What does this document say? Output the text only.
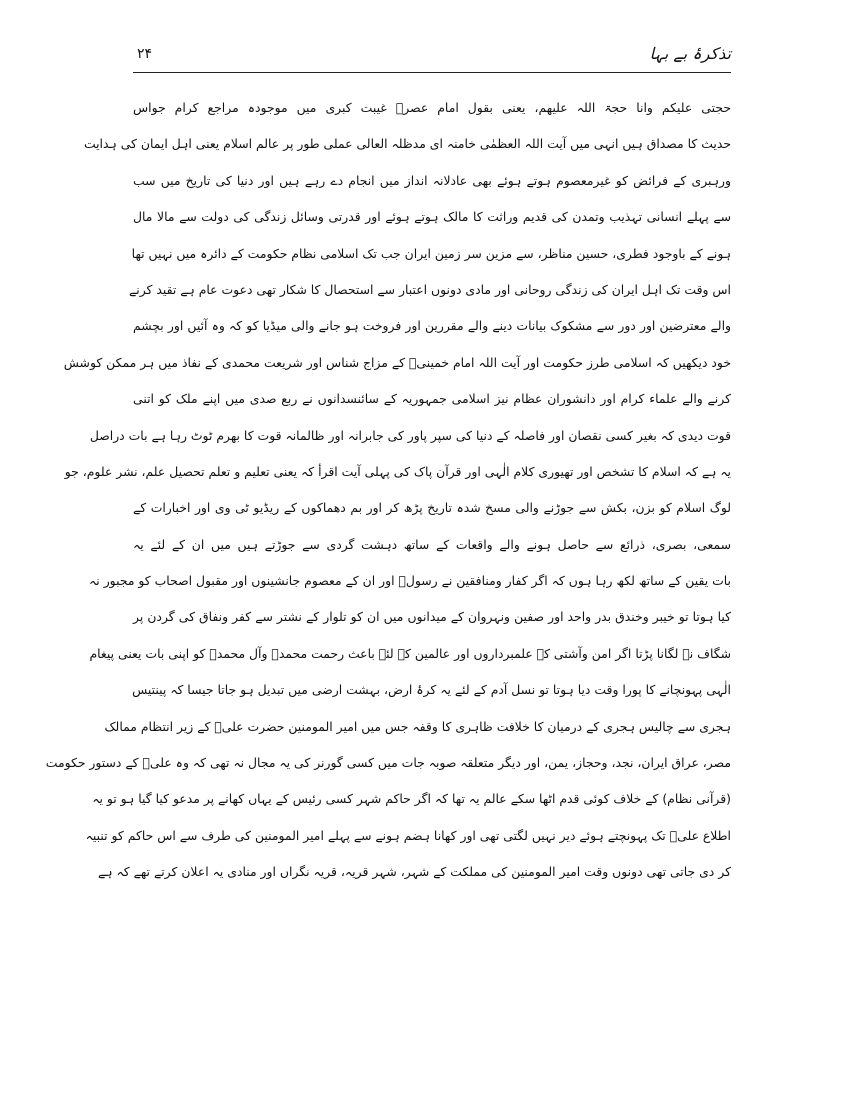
۲۴	تذکرۂ بے بہا
حجتی علیکم وانا حجۃ اللہ علیھم، یعنی بقول امام عصرؑ غیبت کبری میں موجودہ مراجع کرام جواس
حدیث کا مصداق ہیں انہی میں آیت اللہ العظمٰی خامنہ ای مدظلہ العالی عملی طور پر عالم اسلام یعنی اہل ایمان کی ہدایت
ورہبری کے فرائض کو غیرمعصوم ہوتے ہوئے بھی عادلانہ انداز میں انجام دے رہے ہیں اور دنیا کی تاریخ میں سب
سے پہلے انسانی تہذیب وتمدن کی قدیم وراثت کا مالک ہوتے ہوئے اور قدرتی وسائل زندگی کی دولت سے مالا مال
ہونے کے باوجود فطری، حسین مناظر، سے مزین سر زمین ایران جب تک اسلامی نظام حکومت کے دائرہ میں نہیں تھا
اس وقت تک اہل ایران کی زندگی روحانی اور مادی دونوں اعتبار سے استحصال کا شکار تھی دعوت عام ہے تقید کرنے
والے معترضین اور دور سے مشکوک بیانات دینے والے مقررین اور فروخت ہو جانے والی میڈیا کو کہ وہ آئیں اور بچشم
خود دیکھیں کہ اسلامی طرز حکومت اور آیت اللہ امام خمینیؒ کے مزاج شناس اور شریعت محمدی کے نفاذ میں ہر ممکن کوشش
کرنے والے علماء کرام اور دانشوران عظام نیز اسلامی جمہوریہ کے سائنسدانوں نے ربع صدی میں اپنے ملک کو اتنی
قوت دیدی کہ بغیر کسی نقصان اور فاصلہ کے دنیا کی سپر پاور کی جابرانہ اور ظالمانہ قوت کا بھرم ٹوٹ رہا ہے بات دراصل
یہ ہے کہ اسلام کا تشخص اور تھیوری کلام الٰہی اور قرآن پاک کی پہلی آیت اقرأ کہ یعنی تعلیم و تعلم تحصیل علم، نشر علوم، جو
لوگ اسلام کو بزن، بکش سے جوڑنے والی مسخ شدہ تاریخ پڑھ کر اور بم دھماکوں کے ریڈیو ٹی وی اور اخبارات کے
سمعی، بصری، ذرائع سے حاصل ہونے والے واقعات کے ساتھ دہشت گردی سے جوڑتے ہیں میں ان کے لئے یہ
بات یقین کے ساتھ لکھ رہا ہوں کہ اگر کفار ومنافقین نے رسولؐ اور ان کے معصوم جانشینوں اور مقبول اصحاب کو مجبور نہ
کیا ہوتا تو خیبر وخندق بدر واحد اور صفین ونہروان کے میدانوں میں ان کو تلوار کے نشتر سے کفر ونفاق کی گردن پر
شگاف نہ لگانا پڑتا اگر امن وآشتی کے علمبرداروں اور عالمین کے لئے باعث رحمت محمدؐ وآل محمدؐ کو اپنی بات یعنی پیغام
الٰہی پہونچانے کا پورا وقت دیا ہوتا تو نسل آدم کے لئے یہ کرۂ ارض، بہشت ارضی میں تبدیل ہو جاتا جیسا کہ پینتیس
ہجری سے چالیس ہجری کے درمیان کا خلافت ظاہری کا وقفہ جس میں امیر المومنین حضرت علیؑ کے زیر انتظام ممالک
مصر، عراق ایران، نجد، وحجاز، یمن، اور دیگر متعلقہ صوبہ جات میں کسی گورنر کی یہ مجال نہ تھی کہ وہ علیؑ کے دستور حکومت
(قرآنی نظام) کے خلاف کوئی قدم اٹھا سکے عالم یہ تھا کہ اگر حاکم شہر کسی رئیس کے یہاں کھانے پر مدعو کیا گیا ہو تو یہ
اطلاع علیؑ تک پہونچتے ہوئے دیر نہیں لگتی تھی اور کھانا ہضم ہونے سے پہلے امیر المومنین کی طرف سے اس حاکم کو تنبیہ
کر دی جاتی تھی دونوں وقت امیر المومنین کی مملکت کے شہر، شہر قریہ، قریہ نگراں اور منادی یہ اعلان کرتے تھے کہ ہے
